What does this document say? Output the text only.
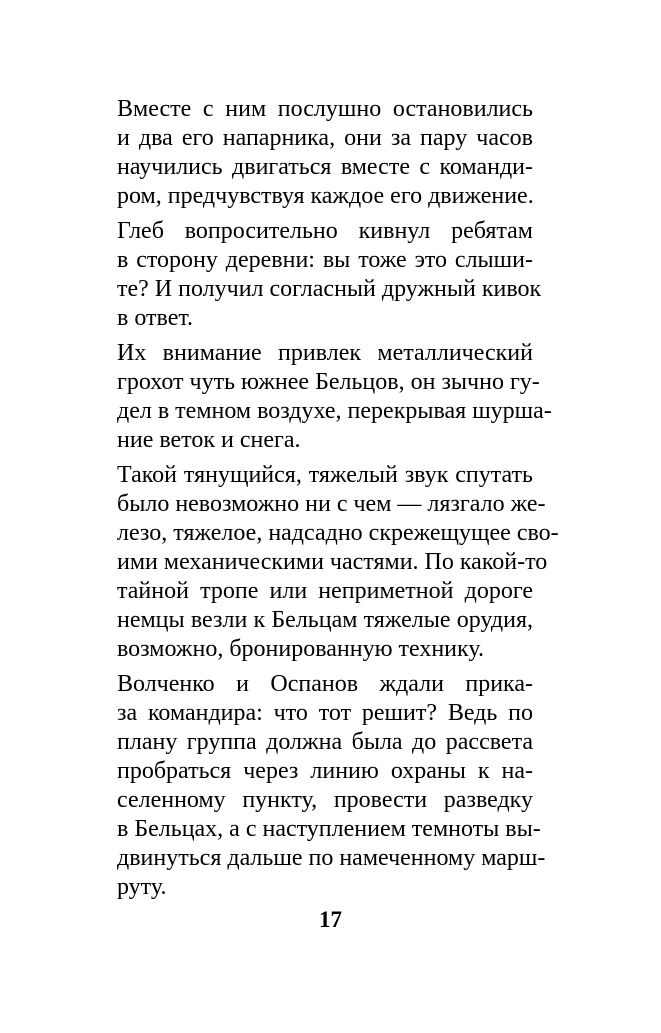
Вместе с ним послушно остановились
и два его напарника, они за пару часов
научились двигаться вместе с команди-
ром, предчувствуя каждое его движение.
Глеб вопросительно кивнул ребятам
в сторону деревни: вы тоже это слыши-
те? И получил согласный дружный кивок
в ответ.
Их внимание привлек металлический
грохот чуть южнее Бельцов, он зычно гу-
дел в темном воздухе, перекрывая шурша-
ние веток и снега.
Такой тянущийся, тяжелый звук спутать
было невозможно ни с чем — лязгало же-
лезо, тяжелое, надсадно скрежещущее сво-
ими механическими частями. По какой-то
тайной тропе или неприметной дороге
немцы везли к Бельцам тяжелые орудия,
возможно, бронированную технику.
Волченко и Оспанов ждали прика-
за командира: что тот решит? Ведь по
плану группа должна была до рассвета
пробраться через линию охраны к на-
селенному пункту, провести разведку
в Бельцах, а с наступлением темноты вы-
двинуться дальше по намеченному марш-
руту.
17
